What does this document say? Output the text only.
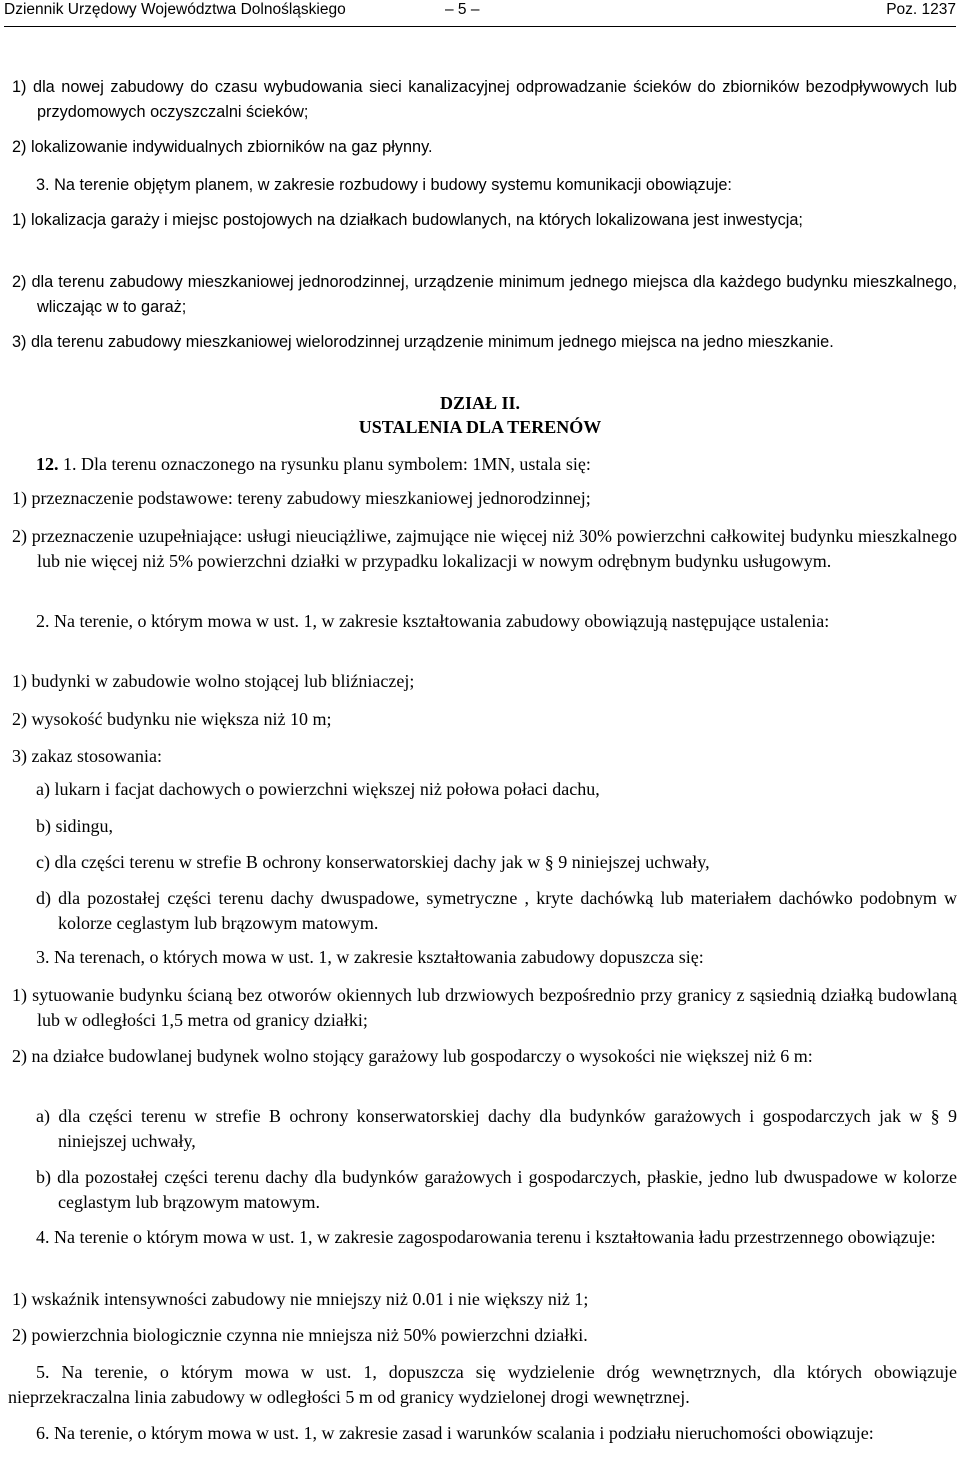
Dziennik Urzędowy Województwa Dolnośląskiego	– 5 –	Poz. 1237
1) dla nowej zabudowy do czasu wybudowania sieci kanalizacyjnej odprowadzanie ścieków do zbiorników bezodpływowych lub przydomowych oczyszczalni ścieków;
2) lokalizowanie indywidualnych zbiorników na gaz płynny.
3. Na terenie objętym planem, w zakresie rozbudowy i budowy systemu komunikacji obowiązuje:
1) lokalizacja garaży i miejsc postojowych na działkach budowlanych, na których lokalizowana jest inwestycja;
2) dla terenu zabudowy mieszkaniowej jednorodzinnej, urządzenie minimum jednego miejsca dla każdego budynku mieszkalnego, wliczając w to garaż;
3) dla terenu zabudowy mieszkaniowej wielorodzinnej urządzenie minimum jednego miejsca na jedno mieszkanie.
DZIAŁ II.
USTALENIA DLA TERENÓW
12. 1. Dla terenu oznaczonego na rysunku planu symbolem: 1MN, ustala się:
1) przeznaczenie podstawowe: tereny zabudowy mieszkaniowej jednorodzinnej;
2) przeznaczenie uzupełniające: usługi nieuciążliwe, zajmujące nie więcej niż 30% powierzchni całkowitej budynku mieszkalnego lub nie więcej niż 5% powierzchni działki w przypadku lokalizacji w nowym odrębnym budynku usługowym.
2. Na terenie, o którym mowa w ust. 1, w zakresie kształtowania zabudowy obowiązują następujące ustalenia:
1) budynki w zabudowie wolno stojącej lub bliźniaczej;
2) wysokość budynku nie większa niż 10 m;
3) zakaz stosowania:
a) lukarn i facjat dachowych o powierzchni większej niż połowa połaci dachu,
b) sidingu,
c) dla części terenu w strefie B ochrony konserwatorskiej dachy jak w § 9 niniejszej uchwały,
d) dla pozostałej części terenu dachy dwuspadowe, symetryczne , kryte dachówką lub materiałem dachówko podobnym w kolorze ceglastym lub brązowym matowym.
3. Na terenach, o których mowa w ust. 1, w zakresie kształtowania zabudowy dopuszcza się:
1) sytuowanie budynku ścianą bez otworów okiennych lub drzwiowych bezpośrednio przy granicy z sąsiednią działką budowlaną lub w odległości 1,5 metra od granicy działki;
2) na działce budowlanej budynek wolno stojący garażowy lub gospodarczy o wysokości nie większej niż 6 m:
a) dla części terenu w strefie B ochrony konserwatorskiej dachy dla budynków garażowych i gospodarczych jak w § 9 niniejszej uchwały,
b) dla pozostałej części terenu dachy dla budynków garażowych i gospodarczych, płaskie, jedno lub dwuspadowe w kolorze ceglastym lub brązowym matowym.
4. Na terenie o którym mowa w ust. 1, w zakresie zagospodarowania terenu i kształtowania ładu przestrzennego obowiązuje:
1) wskaźnik intensywności zabudowy nie mniejszy niż 0.01 i nie większy niż 1;
2) powierzchnia biologicznie czynna nie mniejsza niż 50% powierzchni działki.
5. Na terenie, o którym mowa w ust. 1, dopuszcza się wydzielenie dróg wewnętrznych, dla których obowiązuje nieprzekraczalna linia zabudowy w odległości 5 m od granicy wydzielonej drogi wewnętrznej.
6. Na terenie, o którym mowa w ust. 1, w zakresie zasad i warunków scalania i podziału nieruchomości obowiązuje:
